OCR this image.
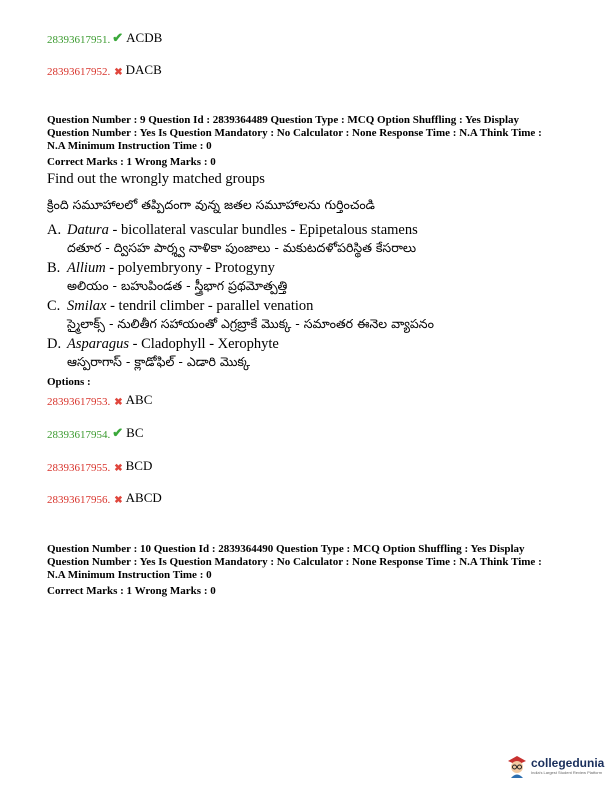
28393617951. ✔ ACDB
28393617952. ✖ DACB
Question Number : 9 Question Id : 2839364489 Question Type : MCQ Option Shuffling : Yes Display
Question Number : Yes Is Question Mandatory : No Calculator : None Response Time : N.A Think Time :
N.A Minimum Instruction Time : 0
Correct Marks : 1 Wrong Marks : 0
Find out the wrongly matched groups
క్రింది సమూహాలలో తప్పిదంగా వున్న జతల సమూహాలను గుర్తించండి
A. Datura - bicollateral vascular bundles - Epipetalous stamens
దతూర - ద్విసహ పార్శ్వ నాళికా పుంజాలు - మకుటదళోపరిస్థిత కేసరాలు
B. Allium - polyembryony - Protogyny
అలియం - బహుపిండత - స్త్రీభాగ ప్రథమోత్పత్తి
C. Smilax - tendril climber - parallel venation
స్మైలాక్స్ - నులితీగ సహాయంతో ఎగ్రబ్రాకే మొక్క - సమాంతర ఈనెల వ్యాపనం
D. Asparagus - Cladophyll - Xerophyte
ఆస్పరాగాస్ - క్లాడోఫిల్ - ఎడారి మొక్క
Options :
28393617953. ✖ ABC
28393617954. ✔ BC
28393617955. ✖ BCD
28393617956. ✖ ABCD
Question Number : 10 Question Id : 2839364490 Question Type : MCQ Option Shuffling : Yes Display
Question Number : Yes Is Question Mandatory : No Calculator : None Response Time : N.A Think Time :
N.A Minimum Instruction Time : 0
Correct Marks : 1 Wrong Marks : 0
collegedunia
India's Largest Student Review Platform
